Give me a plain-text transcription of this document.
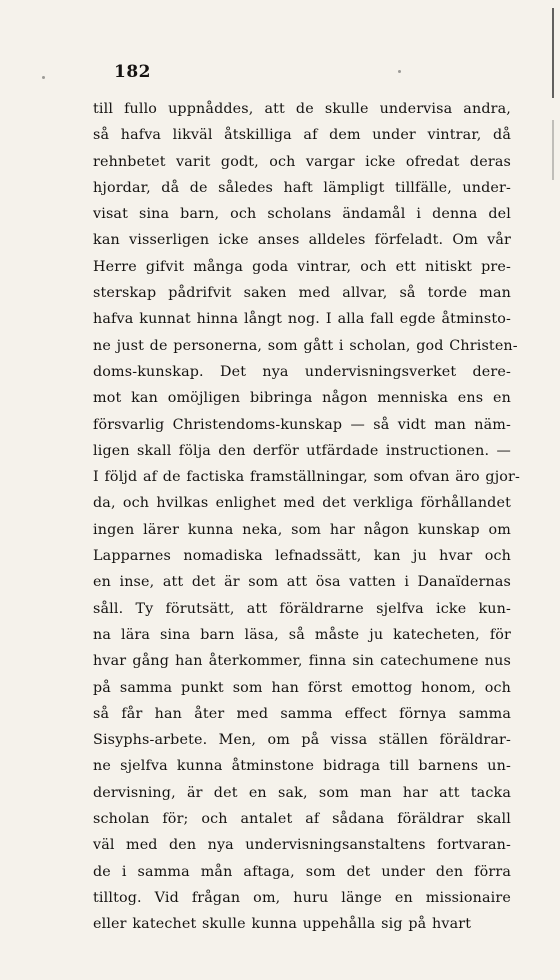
182
till fullo uppnåddes, att de skulle undervisa andra,
så hafva likväl åtskilliga af dem under vintrar, då
rehnbetet varit godt, och vargar icke ofredat deras
hjordar, då de således haft lämpligt tillfälle, under-
visat sina barn, och scholans ändamål i denna del
kan visserligen icke anses alldeles förfeladt. Om vår
Herre gifvit många goda vintrar, och ett nitiskt pre-
sterskap pådrifvit saken med allvar, så torde man
hafva kunnat hinna långt nog. I alla fall egde åtminsto-
ne just de personerna, som gått i scholan, god Christen-
doms-kunskap. Det nya undervisningsverket dere-
mot kan omöjligen bibringa någon menniska ens en
försvarlig Christendoms-kunskap — så vidt man näm-
ligen skall följa den derför utfärdade instructionen. —
I följd af de factiska framställningar, som ofvan äro gjor-
da, och hvilkas enlighet med det verkliga förhållandet
ingen lärer kunna neka, som har någon kunskap om
Lapparnes nomadiska lefnadssätt, kan ju hvar och
en inse, att det är som att ösa vatten i Danaïdernas
såll. Ty förutsätt, att föräldrarne sjelfva icke kun-
na lära sina barn läsa, så måste ju katecheten, för
hvar gång han återkommer, finna sin catechumene nus
på samma punkt som han först emottog honom, och
så får han åter med samma effect förnya samma
Sisyphs-arbete. Men, om på vissa ställen föräldrar-
ne sjelfva kunna åtminstone bidraga till barnens un-
dervisning, är det en sak, som man har att tacka
scholan för; och antalet af sådana föräldrar skall
väl med den nya undervisningsanstaltens fortvaran-
de i samma mån aftaga, som det under den förra
tilltog. Vid frågan om, huru länge en missionaire
eller katechet skulle kunna uppehålla sig på hvart
